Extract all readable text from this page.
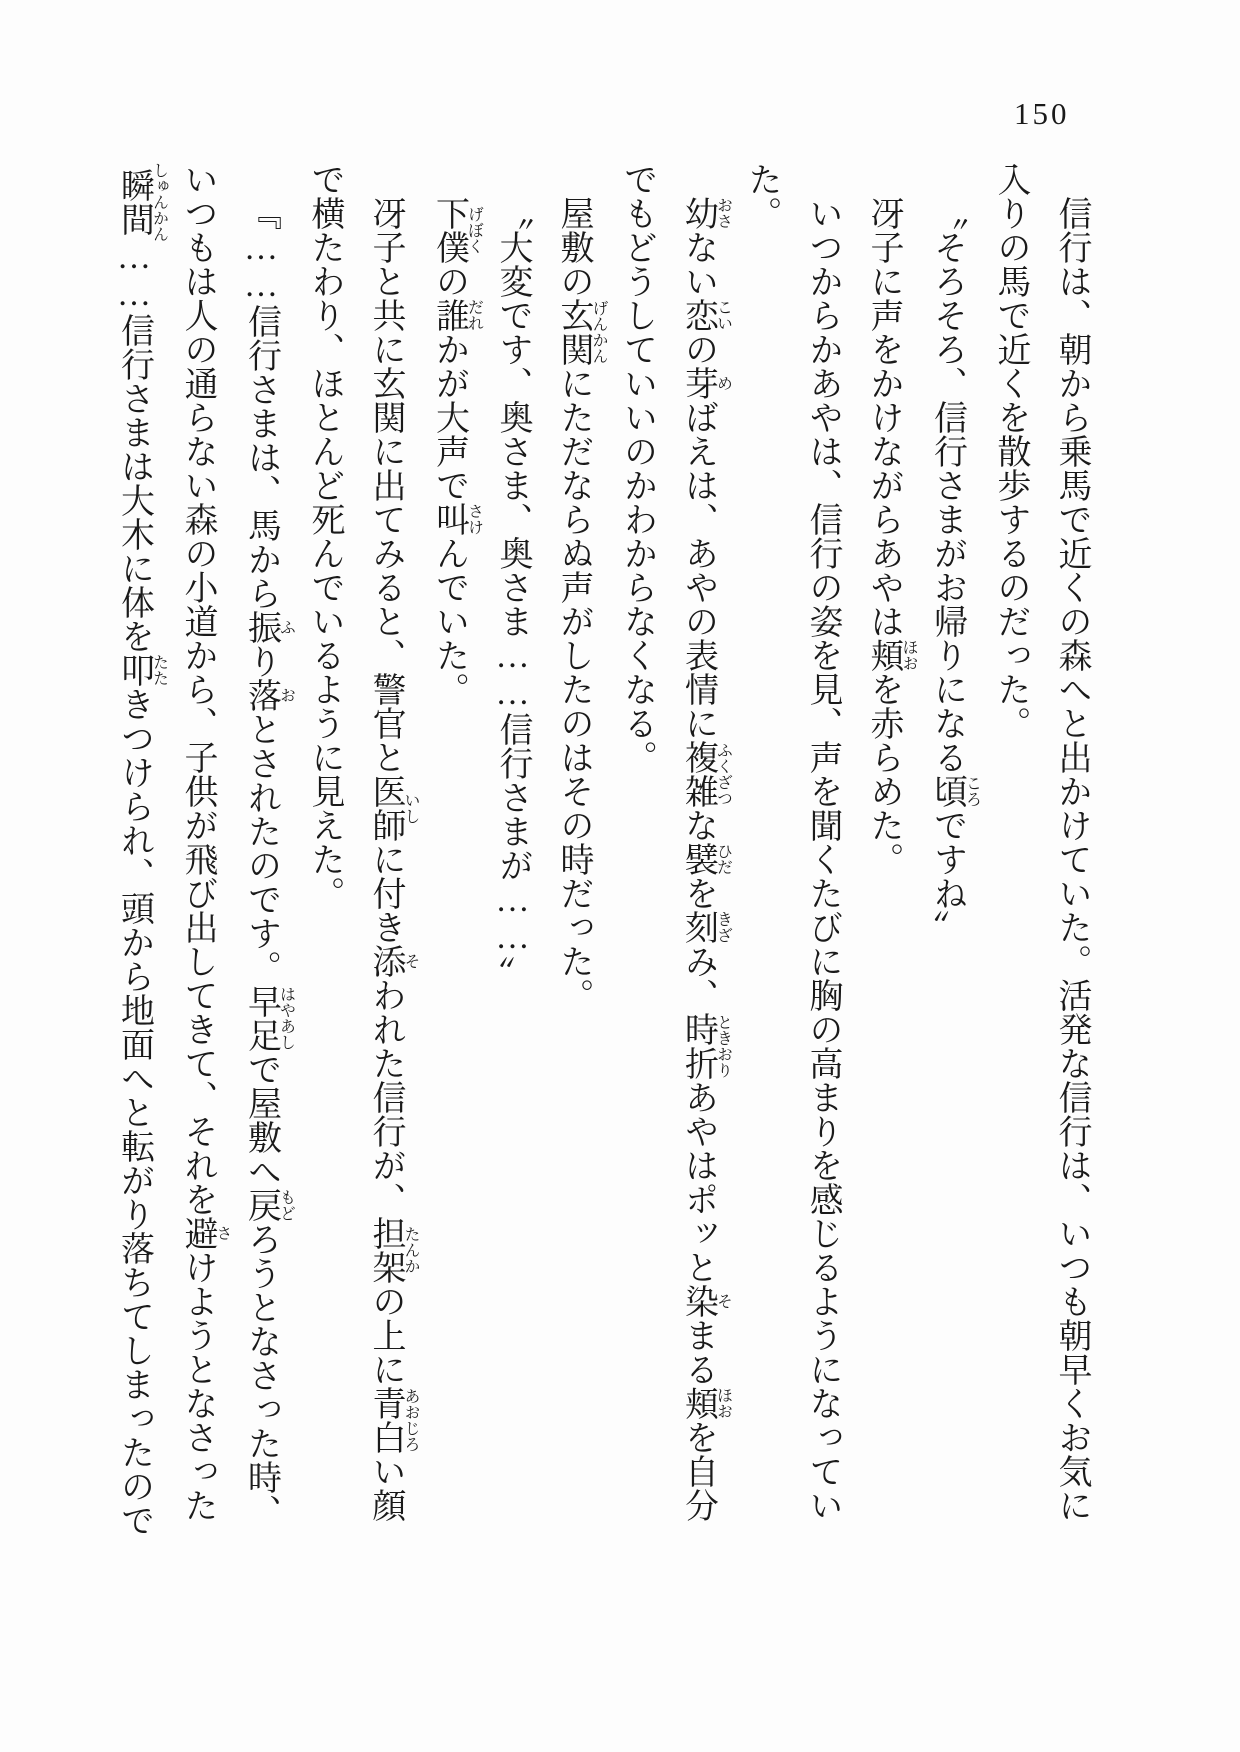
150

信行は、朝から乗馬で近くの森へと出かけていた。活発な信行は、いつも朝早くお気に

入りの馬で近くを散歩するのだった。

〝そろそろ、信行さまがお帰りになる頃ころですね〟

冴子に声をかけながらあやは頬ほおを赤らめた。

いつからかあやは、信行の姿を見、声を聞くたびに胸の高まりを感じるようになってい

た。

幼おさない恋こいの芽めばえは、あやの表情に複雑ふくざつな襞ひだを刻きざみ、時折ときおりあやはポッと染そまる頬ほおを自分

でもどうしていいのかわからなくなる。

屋敷の玄関げんかんにただならぬ声がしたのはその時だった。

〝大変です、奥さま、奥さま……信行さまが……〟

下僕げぼくの誰だれかが大声で叫さけんでいた。

冴子と共に玄関に出てみると、警官と医師いしに付き添そわれた信行が、担架たんかの上に青白あおじろい顔

で横たわり、ほとんど死んでいるように見えた。

『……信行さまは、馬から振ふり落おとされたのです。早足はやあしで屋敷へ戻もどろうとなさった時、

いつもは人の通らない森の小道から、子供が飛び出してきて、それを避さけようとなさった

瞬間しゅんかん……信行さまは大木に体を叩たたきつけられ、頭から地面へと転がり落ちてしまったので
